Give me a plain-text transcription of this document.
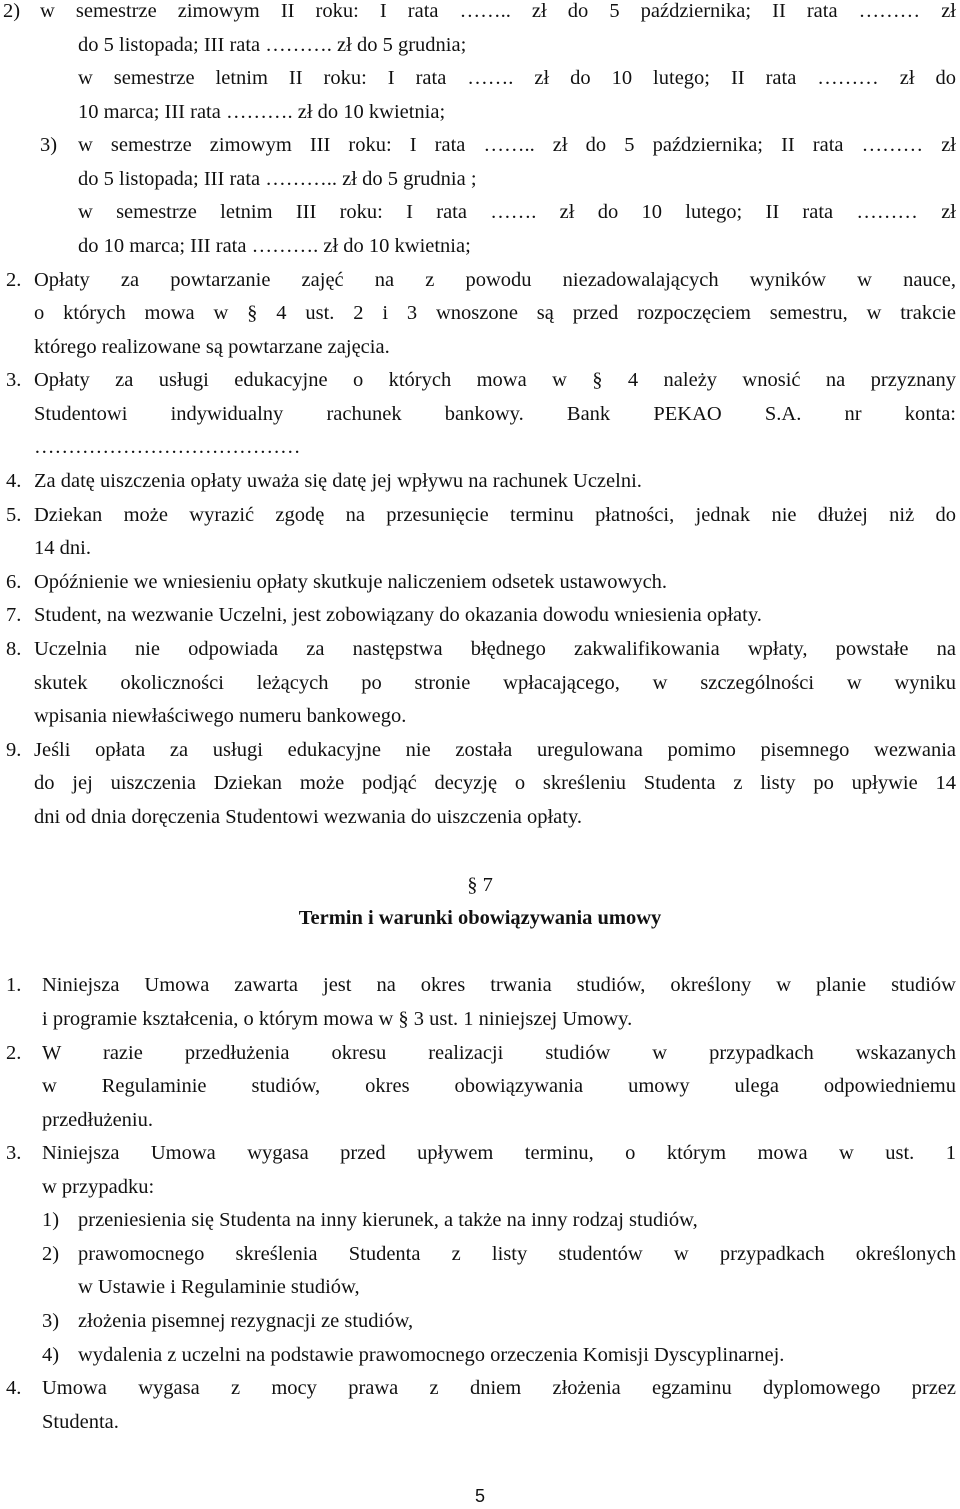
2) w semestrze zimowym II roku: I rata …….. zł do 5 października; II rata ……… zł
do 5 listopada; III rata ………. zł do 5 grudnia;
w semestrze letnim II roku: I rata ……. zł do 10 lutego; II rata ……… zł do
10 marca; III rata ………. zł do 10 kwietnia;
3) w semestrze zimowym III roku: I rata …….. zł do 5 października; II rata ……… zł
do 5 listopada; III rata ……….. zł do 5 grudnia ;
w semestrze letnim III roku: I rata ……. zł do 10 lutego; II rata ……… zł
do 10 marca; III rata ………. zł do 10 kwietnia;
2. Opłaty za powtarzanie zajęć na z powodu niezadowalających wyników w nauce,
o których mowa w § 4 ust. 2 i 3 wnoszone są przed rozpoczęciem semestru, w trakcie
którego realizowane są powtarzane zajęcia.
3. Opłaty za usługi edukacyjne o których mowa w § 4 należy wnosić na przyznany
Studentowi indywidualny rachunek bankowy. Bank PEKAO S.A. nr konta:
…………………………………
4. Za datę uiszczenia opłaty uważa się datę jej wpływu na rachunek Uczelni.
5. Dziekan może wyrazić zgodę na przesunięcie terminu płatności, jednak nie dłużej niż do
14 dni.
6. Opóźnienie we wniesieniu opłaty skutkuje naliczeniem odsetek ustawowych.
7. Student, na wezwanie Uczelni, jest zobowiązany do okazania dowodu wniesienia opłaty.
8. Uczelnia nie odpowiada za następstwa błędnego zakwalifikowania wpłaty, powstałe na
skutek okoliczności leżących po stronie wpłacającego, w szczególności w wyniku
wpisania niewłaściwego numeru bankowego.
9. Jeśli opłata za usługi edukacyjne nie została uregulowana pomimo pisemnego wezwania
do jej uiszczenia Dziekan może podjąć decyzję o skreśleniu Studenta z listy po upływie 14
dni od dnia doręczenia Studentowi wezwania do uiszczenia opłaty.
§ 7
Termin i warunki obowiązywania umowy
1. Niniejsza Umowa zawarta jest na okres trwania studiów, określony w planie studiów
i programie kształcenia, o którym mowa w § 3 ust. 1 niniejszej Umowy.
2. W razie przedłużenia okresu realizacji studiów w przypadkach wskazanych
w Regulaminie studiów, okres obowiązywania umowy ulega odpowiedniemu
przedłużeniu.
3. Niniejsza Umowa wygasa przed upływem terminu, o którym mowa w ust. 1
w przypadku:
1) przeniesienia się Studenta na inny kierunek, a także na inny rodzaj studiów,
2) prawomocnego skreślenia Studenta z listy studentów w przypadkach określonych
w Ustawie i Regulaminie studiów,
3) złożenia pisemnej rezygnacji ze studiów,
4) wydalenia z uczelni na podstawie prawomocnego orzeczenia Komisji Dyscyplinarnej.
4. Umowa wygasa z mocy prawa z dniem złożenia egzaminu dyplomowego przez
Studenta.
5
